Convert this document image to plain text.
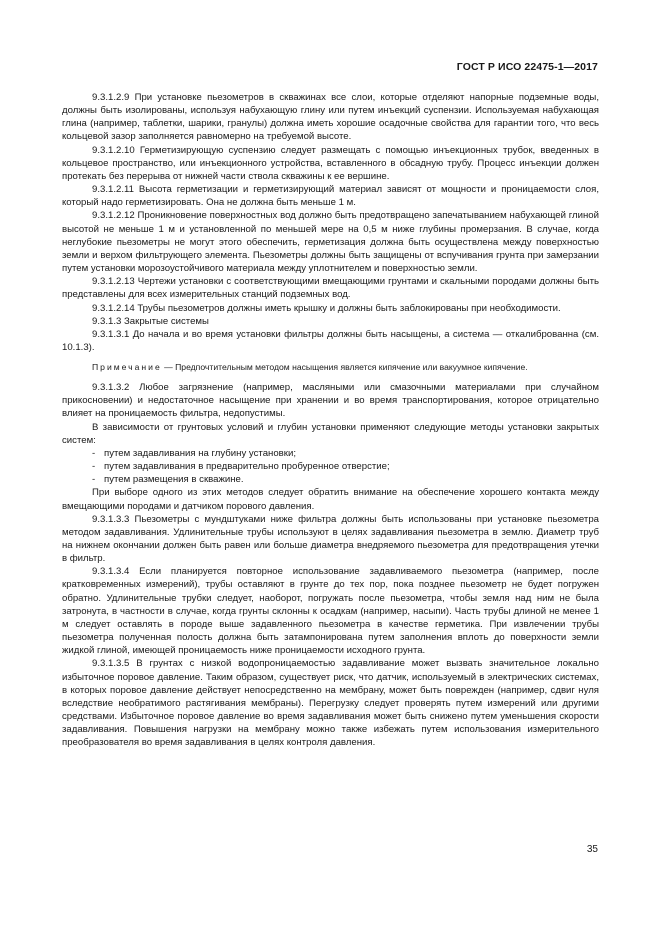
ГОСТ Р ИСО 22475-1—2017

9.3.1.2.9 При установке пьезометров в скважинах все слои, которые отделяют напорные подземные воды, должны быть изолированы, используя набухающую глину или путем инъекций суспензии. Используемая набухающая глина (например, таблетки, шарики, гранулы) должна иметь хорошие осадочные свойства для гарантии того, что весь кольцевой зазор заполняется равномерно на требуемой высоте.

9.3.1.2.10 Герметизирующую суспензию следует размещать с помощью инъекционных трубок, введенных в кольцевое пространство, или инъекционного устройства, вставленного в обсадную трубу. Процесс инъекции должен протекать без перерыва от нижней части ствола скважины к ее вершине.

9.3.1.2.11 Высота герметизации и герметизирующий материал зависят от мощности и проницаемости слоя, который надо герметизировать. Она не должна быть меньше 1 м.

9.3.1.2.12 Проникновение поверхностных вод должно быть предотвращено запечатыванием набухающей глиной высотой не меньше 1 м и установленной по меньшей мере на 0,5 м ниже глубины промерзания. В случае, когда неглубокие пьезометры не могут этого обеспечить, герметизация должна быть осуществлена между поверхностью земли и верхом фильтрующего элемента. Пьезометры должны быть защищены от вспучивания грунта при замерзании путем установки морозоустойчивого материала между уплотнителем и поверхностью земли.

9.3.1.2.13 Чертежи установки с соответствующими вмещающими грунтами и скальными породами должны быть представлены для всех измерительных станций подземных вод.

9.3.1.2.14 Трубы пьезометров должны иметь крышку и должны быть заблокированы при необходимости.

9.3.1.3 Закрытые системы

9.3.1.3.1 До начала и во время установки фильтры должны быть насыщены, а система — откалиброванна (см. 10.1.3).

Примечание — Предпочтительным методом насыщения является кипячение или вакуумное кипячение.

9.3.1.3.2 Любое загрязнение (например, масляными или смазочными материалами при случайном прикосновении) и недостаточное насыщение при хранении и во время транспортирования, которое отрицательно влияет на проницаемость фильтра, недопустимы.

В зависимости от грунтовых условий и глубин установки применяют следующие методы установки закрытых систем:

- путем задавливания на глубину установки;
- путем задавливания в предварительно пробуренное отверстие;
- путем размещения в скважине.

При выборе одного из этих методов следует обратить внимание на обеспечение хорошего контакта между вмещающими породами и датчиком порового давления.

9.3.1.3.3 Пьезометры с мундштуками ниже фильтра должны быть использованы при установке пьезометра методом задавливания. Удлинительные трубы используют в целях задавливания пьезометра в землю. Диаметр труб на нижнем окончании должен быть равен или больше диаметра внедряемого пьезометра для предотвращения утечки в фильтр.

9.3.1.3.4 Если планируется повторное использование задавливаемого пьезометра (например, после кратковременных измерений), трубы оставляют в грунте до тех пор, пока позднее пьезометр не будет погружен обратно. Удлинительные трубки следует, наоборот, погружать после пьезометра, чтобы земля над ним не была затронута, в частности в случае, когда грунты склонны к осадкам (например, насыпи). Часть трубы длиной не менее 1 м следует оставлять в породе выше задавленного пьезометра в качестве герметика. При извлечении трубы пьезометра полученная полость должна быть затампонирована путем заполнения вплоть до поверхности земли жидкой глиной, имеющей проницаемость ниже проницаемости исходного грунта.

9.3.1.3.5 В грунтах с низкой водопроницаемостью задавливание может вызвать значительное локально избыточное поровое давление. Таким образом, существует риск, что датчик, используемый в электрических системах, в которых поровое давление действует непосредственно на мембрану, может быть поврежден (например, сдвиг нуля вследствие необратимого растягивания мембраны). Перегрузку следует проверять путем измерений или другими средствами. Избыточное поровое давление во время задавливания может быть снижено путем уменьшения скорости задавливания. Повышения нагрузки на мембрану можно также избежать путем использования измерительного преобразователя во время задавливания в целях контроля давления.

35
